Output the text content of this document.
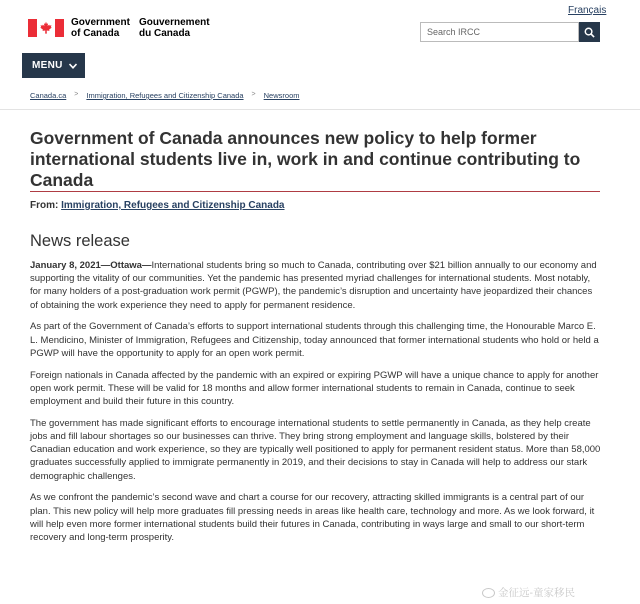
Français
Government of Canada
Gouvernement du Canada
Search IRCC
MENU
Canada.ca > Immigration, Refugees and Citizenship Canada > Newsroom
Government of Canada announces new policy to help former international students live in, work in and continue contributing to Canada
From: Immigration, Refugees and Citizenship Canada
News release

January 8, 2021—Ottawa—International students bring so much to Canada, contributing over $21 billion annually to our economy and supporting the vitality of our communities. Yet the pandemic has presented myriad challenges for international students. Most notably, for many holders of a post-graduation work permit (PGWP), the pandemic’s disruption and uncertainty have jeopardized their chances of obtaining the work experience they need to apply for permanent residence.

As part of the Government of Canada’s efforts to support international students through this challenging time, the Honourable Marco E. L. Mendicino, Minister of Immigration, Refugees and Citizenship, today announced that former international students who hold or held a PGWP will have the opportunity to apply for an open work permit.

Foreign nationals in Canada affected by the pandemic with an expired or expiring PGWP will have a unique chance to apply for another open work permit. These will be valid for 18 months and allow former international students to remain in Canada, continue to seek employment and build their future in this country.

The government has made significant efforts to encourage international students to settle permanently in Canada, as they help create jobs and fill labour shortages so our businesses can thrive. They bring strong employment and language skills, bolstered by their Canadian education and work experience, so they are typically well positioned to apply for permanent resident status. More than 58,000 graduates successfully applied to immigrate permanently in 2019, and their decisions to stay in Canada will help to address our stark demographic challenges.

As we confront the pandemic’s second wave and chart a course for our recovery, attracting skilled immigrants is a central part of our plan. This new policy will help more graduates fill pressing needs in areas like health care, technology and more. As we look forward, it will help even more former international students build their futures in Canada, contributing in ways large and small to our short-term recovery and long-term prosperity.

金征远-童家移民
